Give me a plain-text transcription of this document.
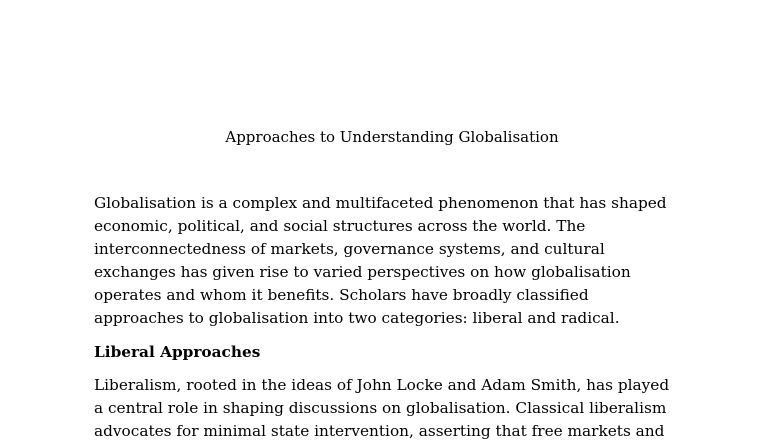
Approaches to Understanding Globalisation

Globalisation is a complex and multifaceted phenomenon that has shaped
economic, political, and social structures across the world. The
interconnectedness of markets, governance systems, and cultural
exchanges has given rise to varied perspectives on how globalisation
operates and whom it benefits. Scholars have broadly classified
approaches to globalisation into two categories: liberal and radical.

Liberal Approaches

Liberalism, rooted in the ideas of John Locke and Adam Smith, has played
a central role in shaping discussions on globalisation. Classical liberalism
advocates for minimal state intervention, asserting that free markets and
